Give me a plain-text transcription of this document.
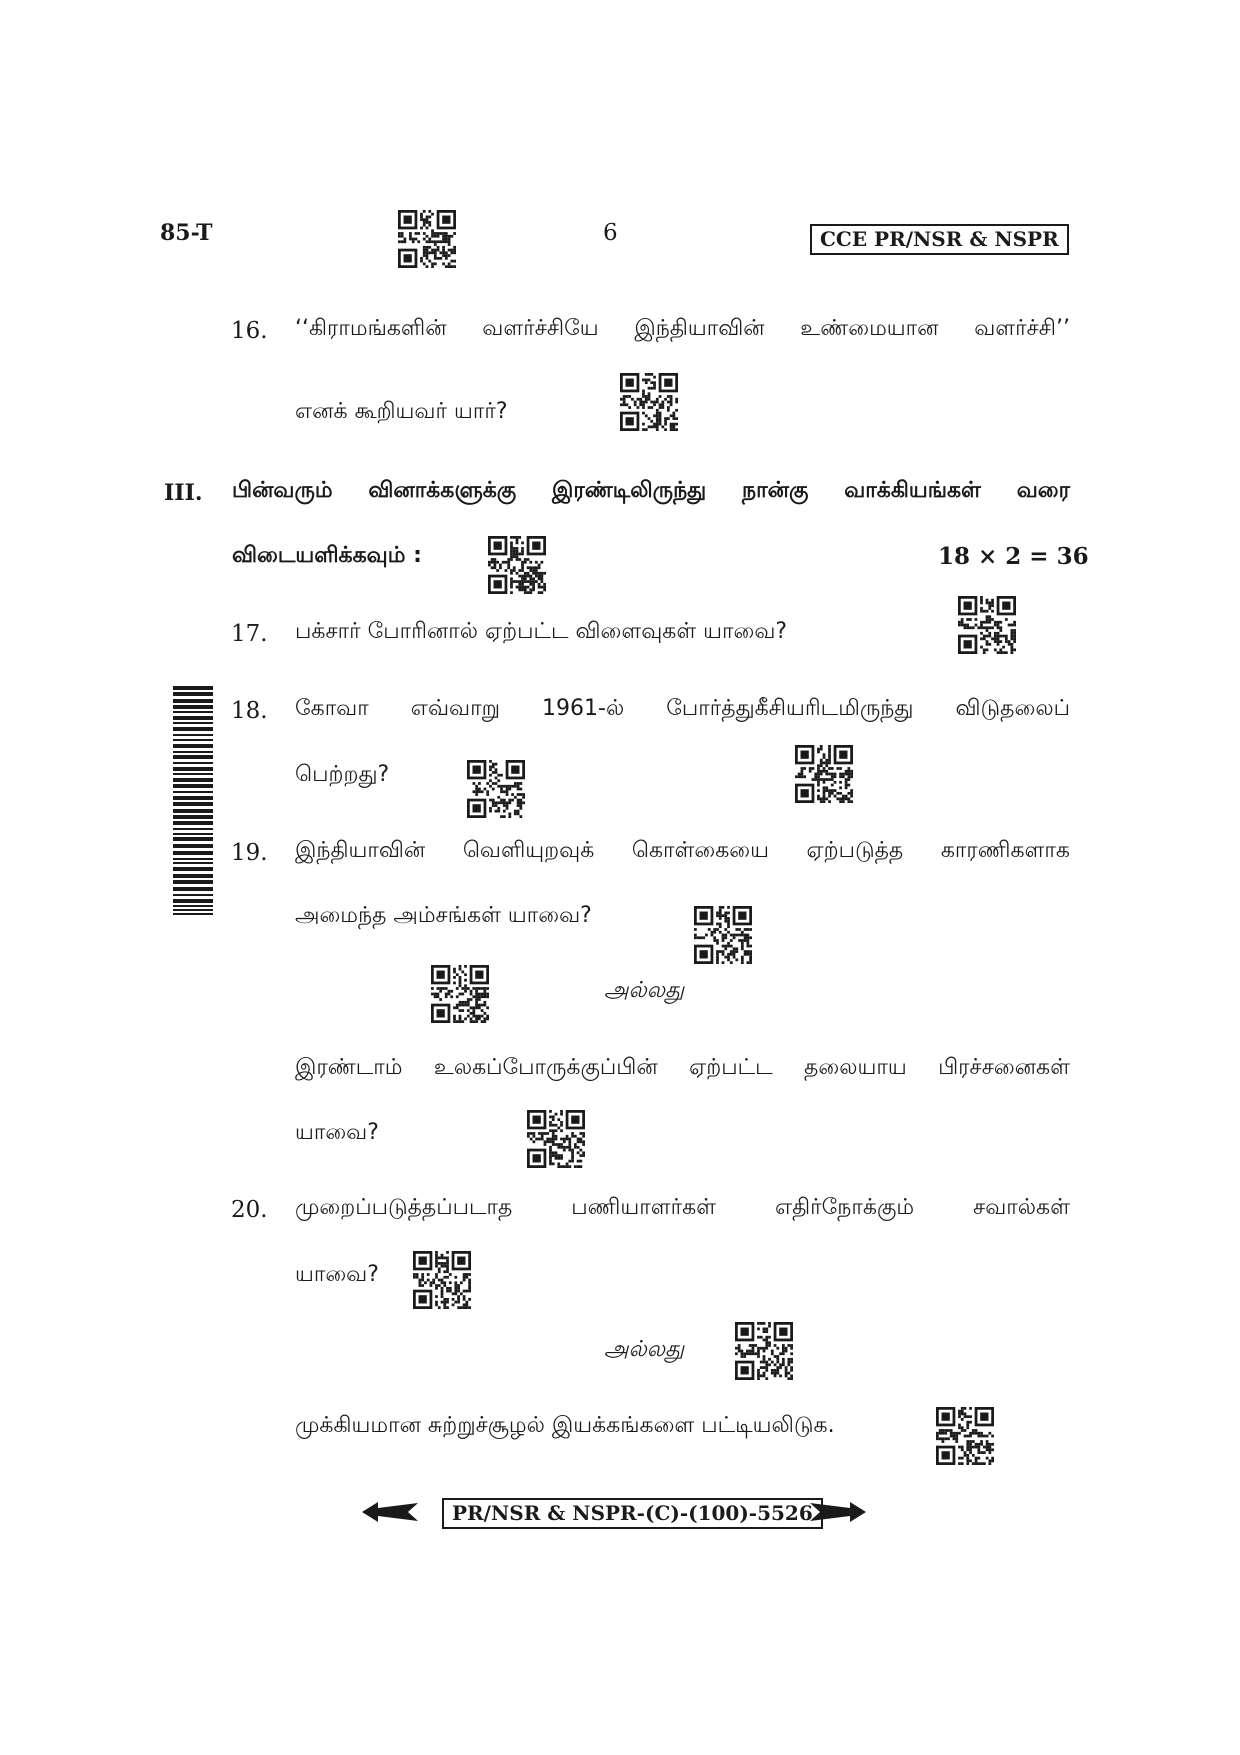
85-T	6	CCE PR/NSR & NSPR
16. ‘‘கிராமங்களின் வளர்ச்சியே இந்தியாவின் உண்மையான வளர்ச்சி’’
எனக் கூறியவர் யார்?
III. பின்வரும் வினாக்களுக்கு இரண்டிலிருந்து நான்கு வாக்கியங்கள் வரை
விடையளிக்கவும் :	18 × 2 = 36
17. பக்சார் போரினால் ஏற்பட்ட விளைவுகள் யாவை?
18. கோவா எவ்வாறு 1961-ல் போர்த்துகீசியரிடமிருந்து விடுதலைப்
பெற்றது?
19. இந்தியாவின் வெளியுறவுக் கொள்கையை ஏற்படுத்த காரணிகளாக
அமைந்த அம்சங்கள் யாவை?
அல்லது
இரண்டாம் உலகப்போருக்குப்பின் ஏற்பட்ட தலையாய பிரச்சனைகள்
யாவை?
20. முறைப்படுத்தப்படாத	பணியாளர்கள்	எதிர்நோக்கும்	சவால்கள்
யாவை?
அல்லது
முக்கியமான சுற்றுச்சூழல் இயக்கங்களை பட்டியலிடுக.
PR/NSR & NSPR-(C)-(100)-5526
